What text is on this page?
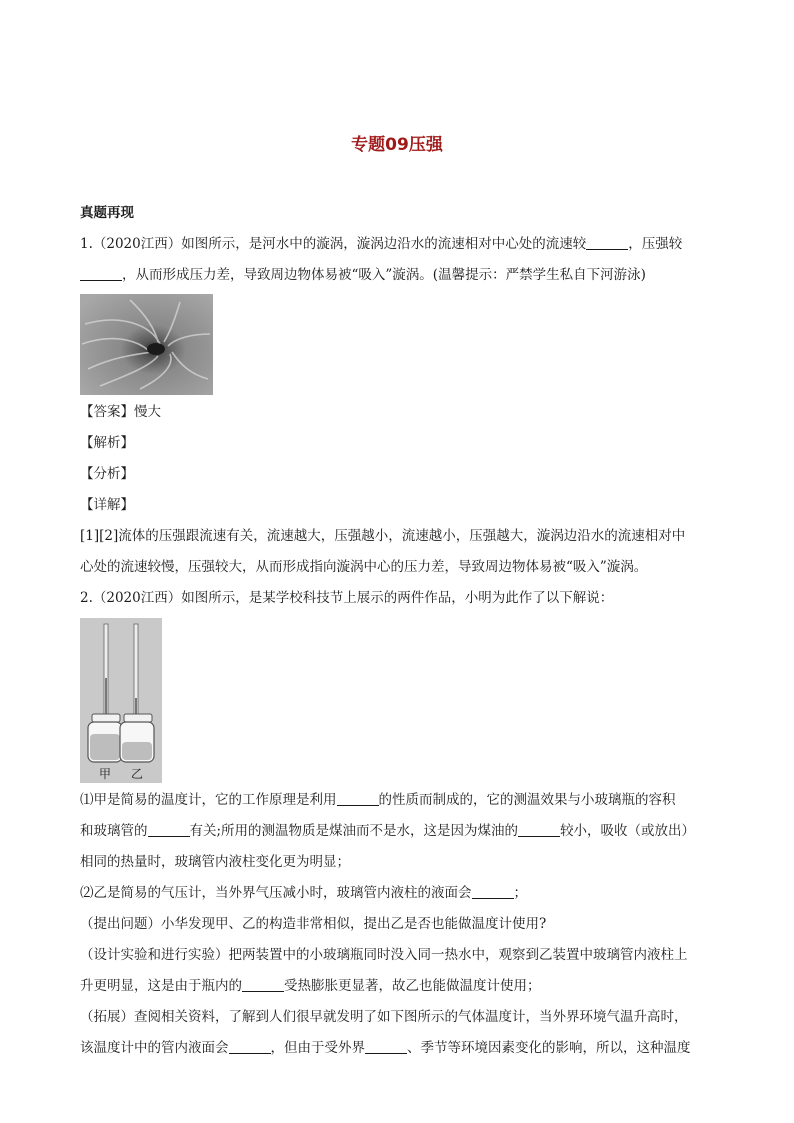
专题09压强
真题再现
1.（2020江西）如图所示，是河水中的漩涡，漩涡边沿水的流速相对中心处的流速较	，压强较
，从而形成压力差，导致周边物体易被“吸入”漩涡。(温馨提示：严禁学生私自下河游泳)
【答案】慢大
【解析】
【分析】
【详解】
[1][2]流体的压强跟流速有关，流速越大，压强越小，流速越小，压强越大，漩涡边沿水的流速相对中
心处的流速较慢，压强较大，从而形成指向漩涡中心的压力差，导致周边物体易被“吸入”漩涡。
2.（2020江西）如图所示，是某学校科技节上展示的两件作品，小明为此作了以下解说：
甲 乙
⑴甲是简易的温度计，它的工作原理是利用	的性质而制成的，它的测温效果与小玻璃瓶的容积
和玻璃管的	有关;所用的测温物质是煤油而不是水，这是因为煤油的	较小，吸收（或放出）
相同的热量时，玻璃管内液柱变化更为明显；
⑵乙是简易的气压计，当外界气压减小时，玻璃管内液柱的液面会	；
（提出问题）小华发现甲、乙的构造非常相似，提出乙是否也能做温度计使用?
（设计实验和进行实验）把两装置中的小玻璃瓶同时没入同一热水中，观察到乙装置中玻璃管内液柱上
升更明显，这是由于瓶内的	受热膨胀更显著，故乙也能做温度计使用；
（拓展）查阅相关资料，了解到人们很早就发明了如下图所示的气体温度计，当外界环境气温升高时，
该温度计中的管内液面会	，但由于受外界	、季节等环境因素变化的影响，所以，这种温度
